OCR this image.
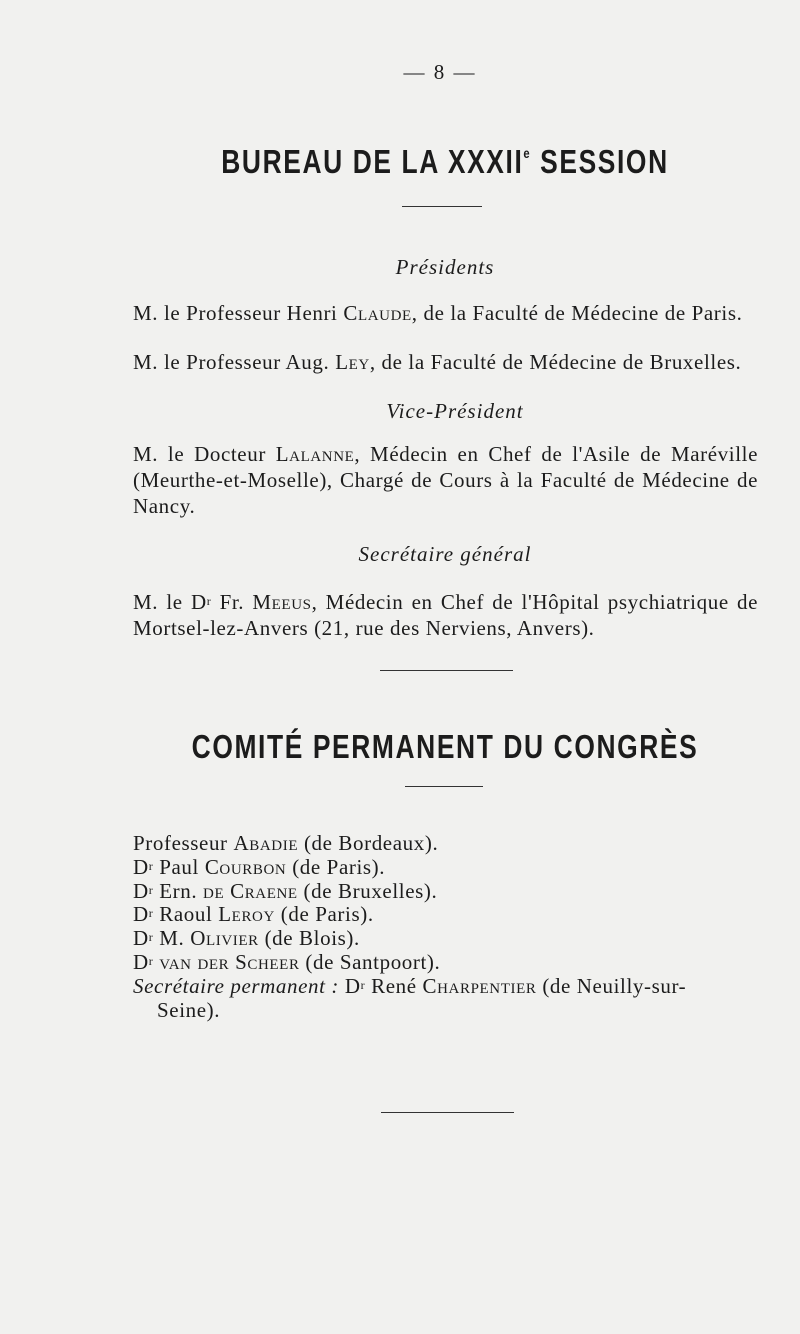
— 8 —
BUREAU DE LA XXXIIe SESSION
Présidents
M. le Professeur Henri Claude, de la Faculté de Médecine de Paris.
M. le Professeur Aug. Ley, de la Faculté de Médecine de Bruxelles.
Vice-Président
M. le Docteur Lalanne, Médecin en Chef de l'Asile de Maréville (Meurthe-et-Moselle), Chargé de Cours à la Faculté de Médecine de Nancy.
Secrétaire général
M. le $D^r$ Fr. Meeus, Médecin en Chef de l'Hôpital psychiatrique de Mortsel-lez-Anvers (21, rue des Nerviens, Anvers).
COMITÉ PERMANENT DU CONGRÈS
Professeur Abadie (de Bordeaux).
$D^r$ Paul Courbon (de Paris).
$D^r$ Ern. de Craene (de Bruxelles).
$D^r$ Raoul Leroy (de Paris).
$D^r$ M. Olivier (de Blois).
$D^r$ van der Scheer (de Santpoort).
Secrétaire permanent : $D^r$ René Charpentier (de Neuilly-sur-
Seine).
